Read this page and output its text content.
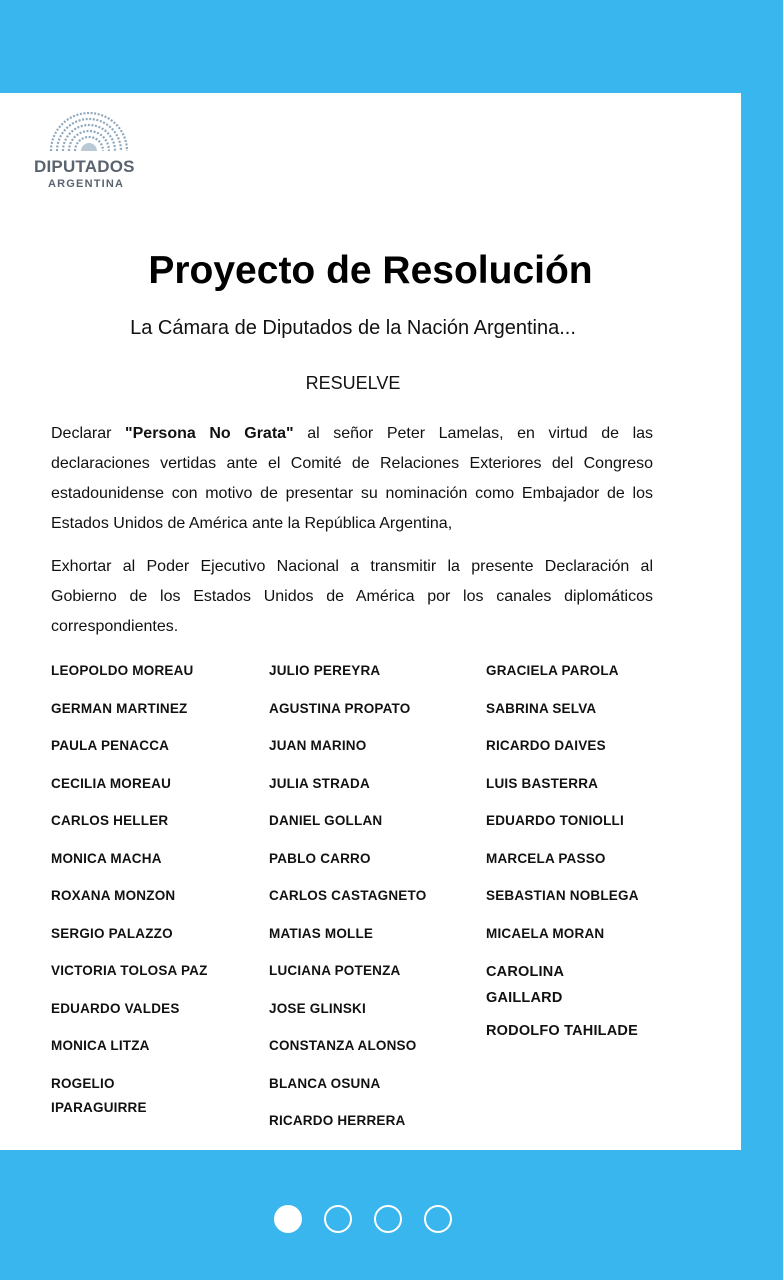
DIPUTADOS
ARGENTINA
Proyecto de Resolución
La Cámara de Diputados de la Nación Argentina...
RESUELVE

Declarar "Persona No Grata" al señor Peter Lamelas, en virtud de las declaraciones vertidas ante el Comité de Relaciones Exteriores del Congreso estadounidense con motivo de presentar su nominación como Embajador de los Estados Unidos de América ante la República Argentina,

Exhortar al Poder Ejecutivo Nacional a transmitir la presente Declaración al Gobierno de los Estados Unidos de América por los canales diplomáticos correspondientes.

LEOPOLDO MOREAU
GERMAN MARTINEZ
PAULA PENACCA
CECILIA MOREAU
CARLOS HELLER
MONICA MACHA
ROXANA MONZON
SERGIO PALAZZO
VICTORIA TOLOSA PAZ
EDUARDO VALDES
MONICA LITZA
ROGELIO IPARAGUIRRE
JULIO PEREYRA
AGUSTINA PROPATO
JUAN MARINO
JULIA STRADA
DANIEL GOLLAN
PABLO CARRO
CARLOS CASTAGNETO
MATIAS MOLLE
LUCIANA POTENZA
JOSE GLINSKI
CONSTANZA ALONSO
BLANCA OSUNA
RICARDO HERRERA
GRACIELA PAROLA
SABRINA SELVA
RICARDO DAIVES
LUIS BASTERRA
EDUARDO TONIOLLI
MARCELA PASSO
SEBASTIAN NOBLEGA
MICAELA MORAN
CAROLINA GAILLARD
RODOLFO TAHILADE
